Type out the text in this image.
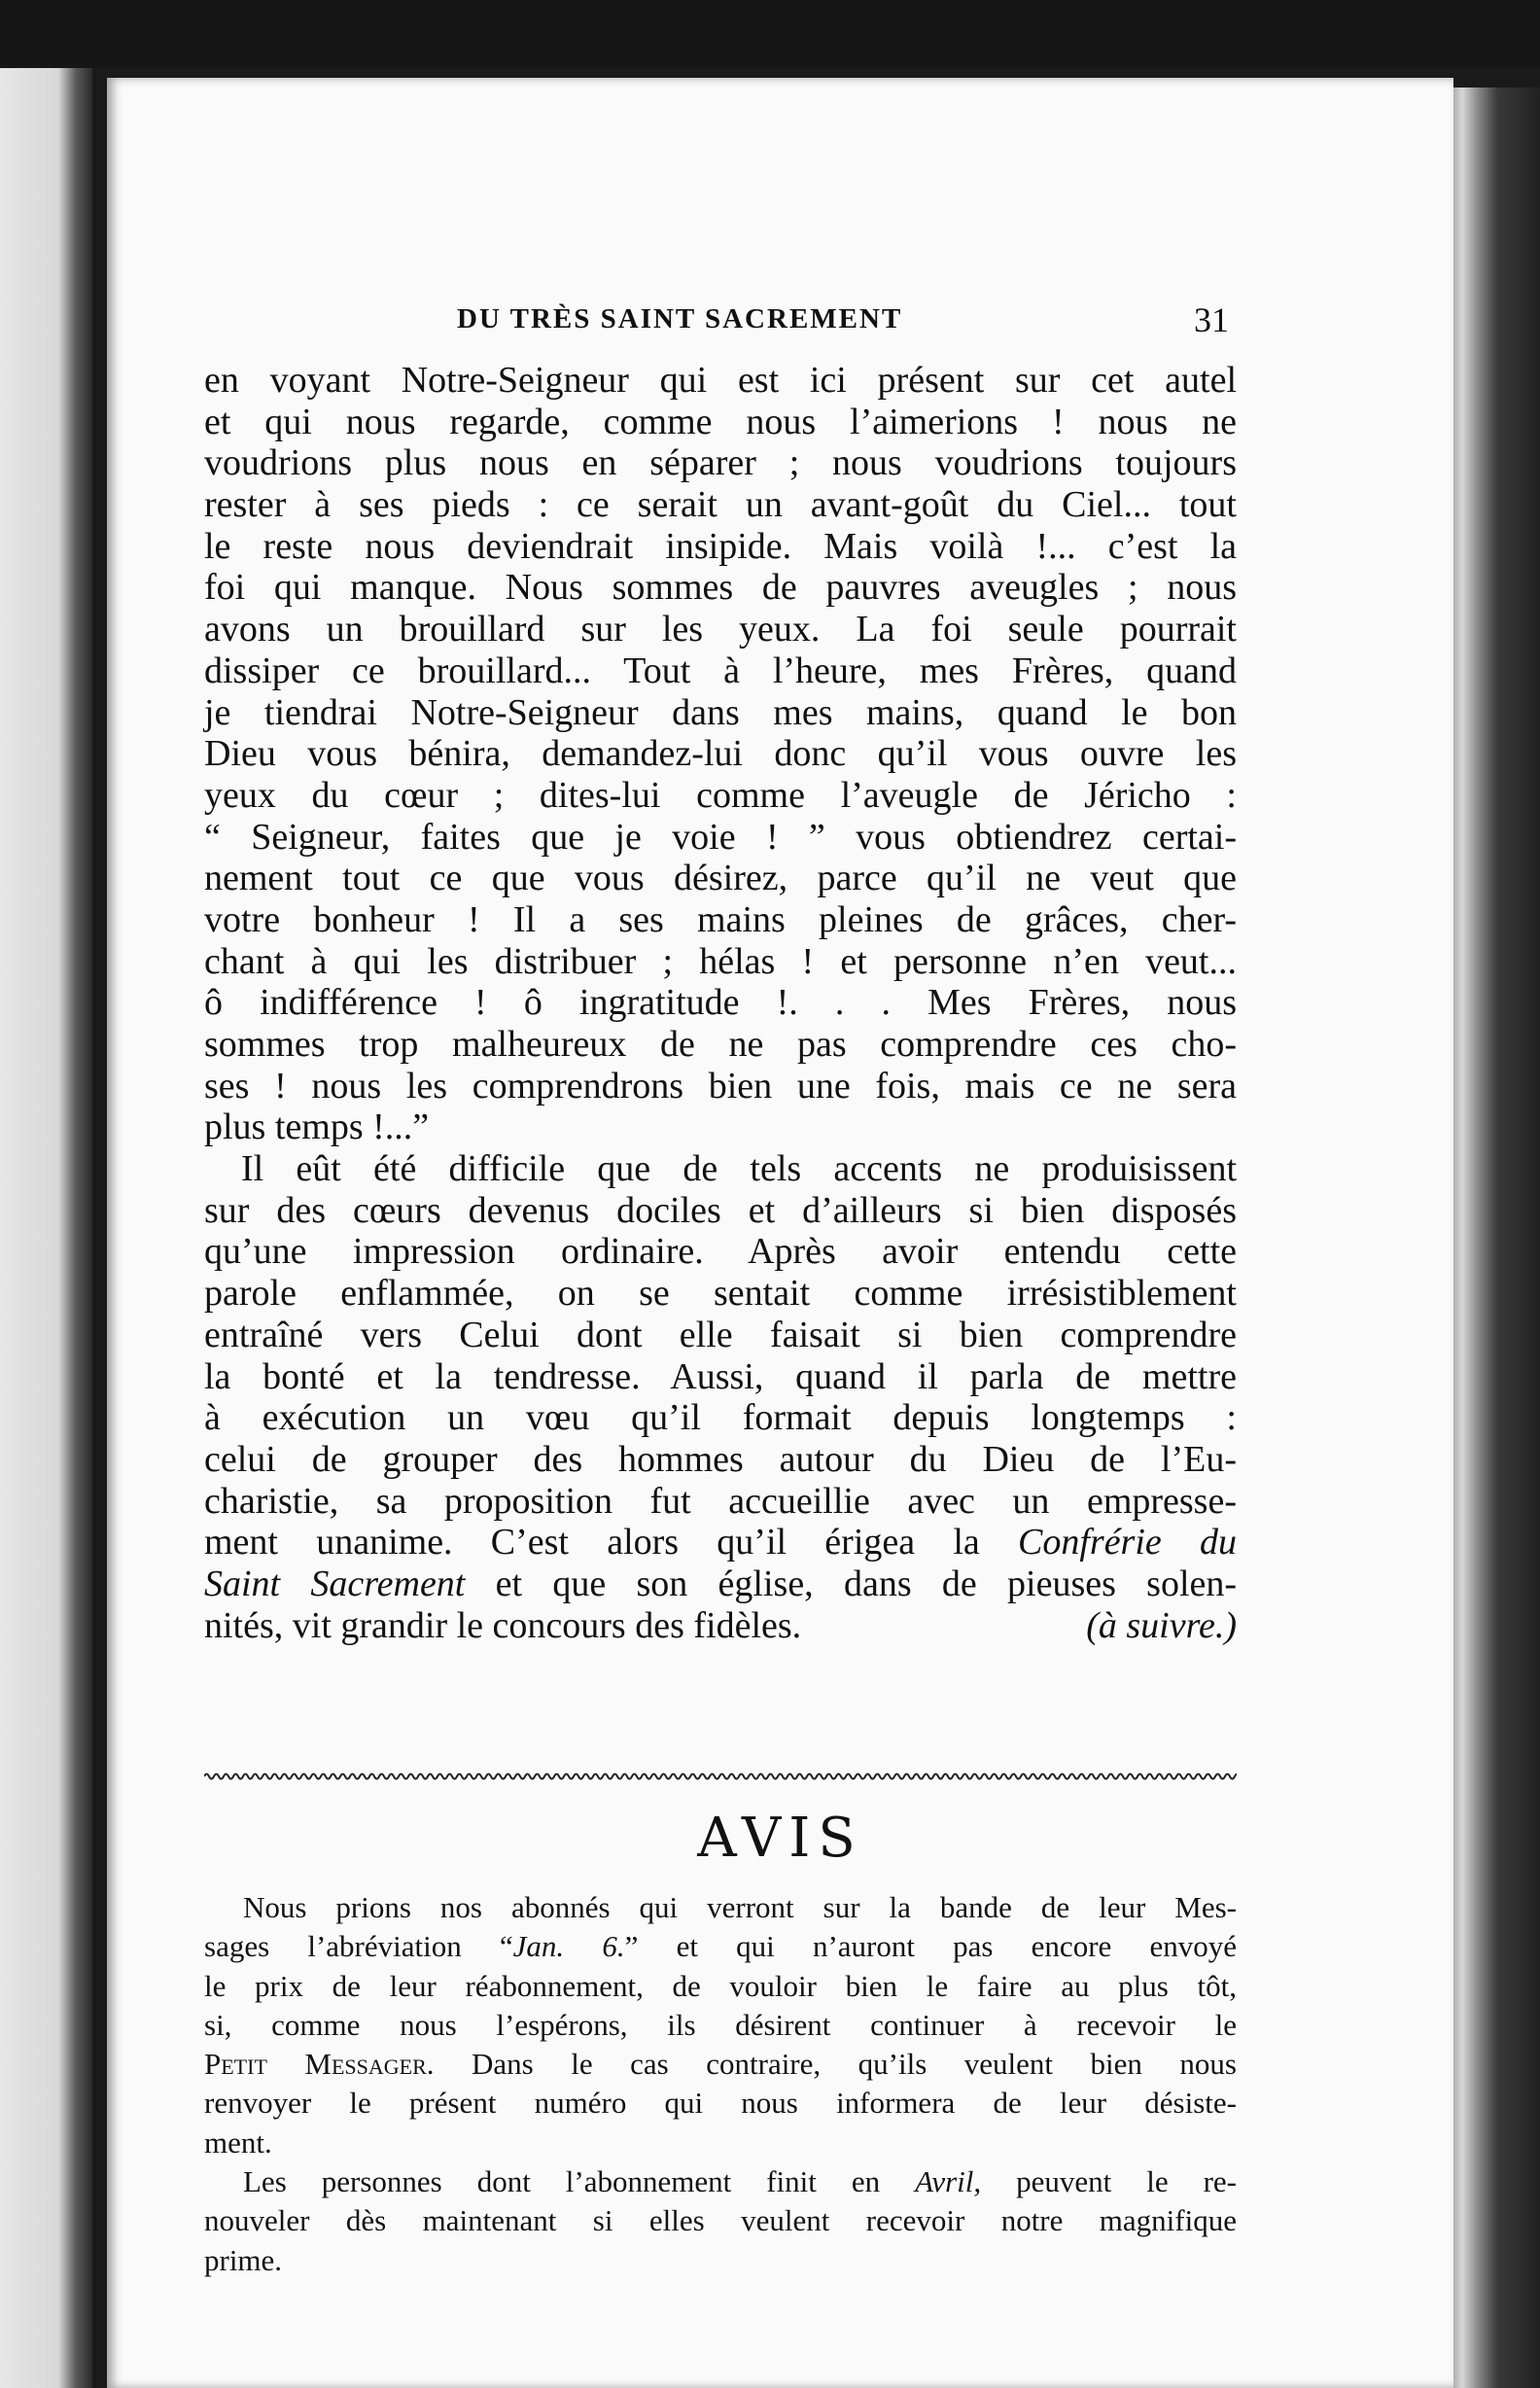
DU TRÈS SAINT SACREMENT	31

en voyant Notre-Seigneur qui est ici présent sur cet autel
et qui nous regarde, comme nous l’aimerions ! nous ne
voudrions plus nous en séparer ; nous voudrions toujours
rester à ses pieds : ce serait un avant-goût du Ciel... tout
le reste nous deviendrait insipide. Mais voilà !... c’est la
foi qui manque. Nous sommes de pauvres aveugles ; nous
avons un brouillard sur les yeux. La foi seule pourrait
dissiper ce brouillard... Tout à l’heure, mes Frères, quand
je tiendrai Notre-Seigneur dans mes mains, quand le bon
Dieu vous bénira, demandez-lui donc qu’il vous ouvre les
yeux du cœur ; dites-lui comme l’aveugle de Jéricho :
“ Seigneur, faites que je voie ! ” vous obtiendrez certai-
nement tout ce que vous désirez, parce qu’il ne veut que
votre bonheur ! Il a ses mains pleines de grâces, cher-
chant à qui les distribuer ; hélas ! et personne n’en veut...
ô indifférence ! ô ingratitude !. . . Mes Frères, nous
sommes trop malheureux de ne pas comprendre ces cho-
ses ! nous les comprendrons bien une fois, mais ce ne sera
plus temps !...”

Il eût été difficile que de tels accents ne produisissent
sur des cœurs devenus dociles et d’ailleurs si bien disposés
qu’une impression ordinaire. Après avoir entendu cette
parole enflammée, on se sentait comme irrésistiblement
entraîné vers Celui dont elle faisait si bien comprendre
la bonté et la tendresse. Aussi, quand il parla de mettre
à exécution un vœu qu’il formait depuis longtemps :
celui de grouper des hommes autour du Dieu de l’Eu-
charistie, sa proposition fut accueillie avec un empresse-
ment unanime. C’est alors qu’il érigea la Confrérie du
Saint Sacrement et que son église, dans de pieuses solen-
nités, vit grandir le concours des fidèles.	(à suivre.)

AVIS
Nous prions nos abonnés qui verront sur la bande de leur Mes-
sages l’abréviation “Jan. 6.” et qui n’auront pas encore envoyé
le prix de leur réabonnement, de vouloir bien le faire au plus tôt,
si, comme nous l’espérons, ils désirent continuer à recevoir le
Petit Messager. Dans le cas contraire, qu’ils veulent bien nous
renvoyer le présent numéro qui nous informera de leur désiste-
ment.
Les personnes dont l’abonnement finit en Avril, peuvent le re-
nouveler dès maintenant si elles veulent recevoir notre magnifique
prime.
